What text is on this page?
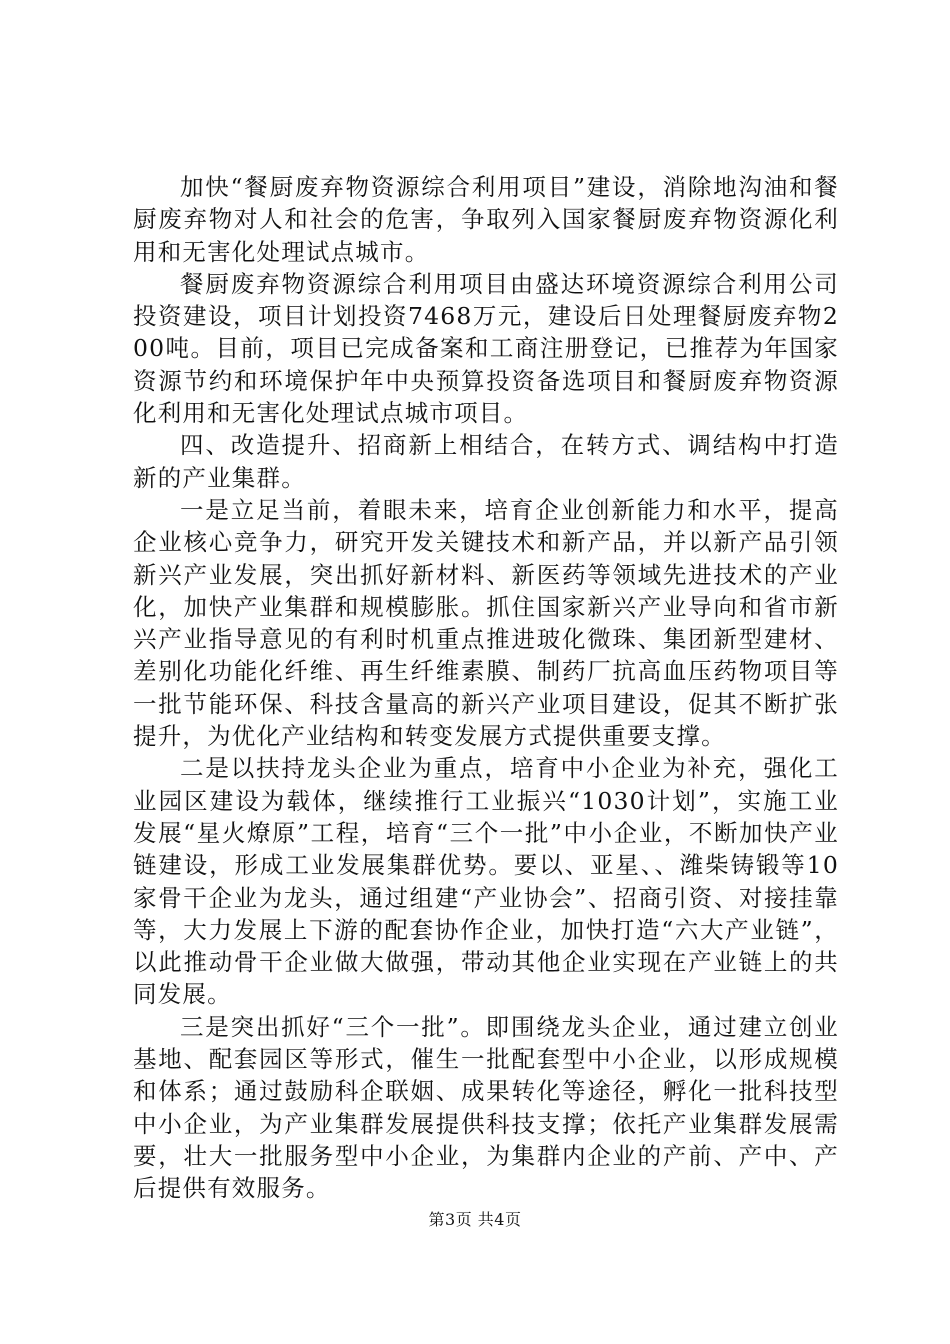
加快“餐厨废弃物资源综合利用项目”建设，消除地沟油和餐厨废弃物对人和社会的危害，争取列入国家餐厨废弃物资源化利用和无害化处理试点城市。

餐厨废弃物资源综合利用项目由盛达环境资源综合利用公司投资建设，项目计划投资7468万元，建设后日处理餐厨废弃物200吨。目前，项目已完成备案和工商注册登记，已推荐为年国家资源节约和环境保护年中央预算投资备选项目和餐厨废弃物资源化利用和无害化处理试点城市项目。

四、改造提升、招商新上相结合，在转方式、调结构中打造新的产业集群。

一是立足当前，着眼未来，培育企业创新能力和水平，提高企业核心竞争力，研究开发关键技术和新产品，并以新产品引领新兴产业发展，突出抓好新材料、新医药等领域先进技术的产业化，加快产业集群和规模膨胀。抓住国家新兴产业导向和省市新兴产业指导意见的有利时机重点推进玻化微珠、集团新型建材、差别化功能化纤维、再生纤维素膜、制药厂抗高血压药物项目等一批节能环保、科技含量高的新兴产业项目建设，促其不断扩张提升，为优化产业结构和转变发展方式提供重要支撑。

二是以扶持龙头企业为重点，培育中小企业为补充，强化工业园区建设为载体，继续推行工业振兴“1030计划”，实施工业发展“星火燎原”工程，培育“三个一批”中小企业，不断加快产业链建设，形成工业发展集群优势。要以、亚星、、潍柴铸锻等10家骨干企业为龙头，通过组建“产业协会”、招商引资、对接挂靠等，大力发展上下游的配套协作企业，加快打造“六大产业链”，以此推动骨干企业做大做强，带动其他企业实现在产业链上的共同发展。

三是突出抓好“三个一批”。即围绕龙头企业，通过建立创业基地、配套园区等形式，催生一批配套型中小企业，以形成规模和体系；通过鼓励科企联姻、成果转化等途径，孵化一批科技型中小企业，为产业集群发展提供科技支撑；依托产业集群发展需要，壮大一批服务型中小企业，为集群内企业的产前、产中、产后提供有效服务。

第3页 共4页
